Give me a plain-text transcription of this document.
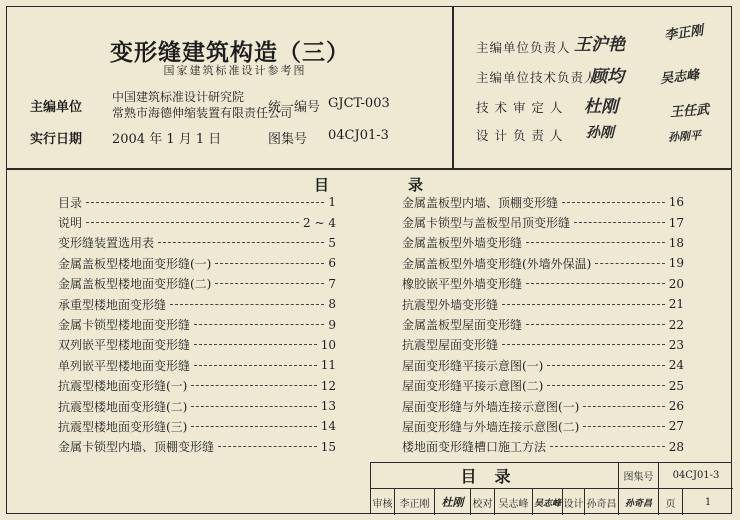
变形缝建筑构造（三）
国家建筑标准设计参考图
主编单位
中国建筑标准设计研究院
常熟市海德伸缩装置有限责任公司
统一编号 GJCT-003
实行日期 2004 年 1 月 1 日	图集号 04CJ01-3
主编单位负责人 王沪艳
主编单位技术负责人
顾均
技 术 审 定 人 杜刚
设 计 负 责 人 孙刚
李正刚
吴志峰
王任武
孙刚平
目	录
目录	1
说明	2 ~ 4
变形缝装置选用表	5
金属盖板型楼地面变形缝(一)	6
金属盖板型楼地面变形缝(二)	7
承重型楼地面变形缝	8
金属卡锁型楼地面变形缝	9
双列嵌平型楼地面变形缝	10
单列嵌平型楼地面变形缝	11
抗震型楼地面变形缝(一)	12
抗震型楼地面变形缝(二)	13
抗震型楼地面变形缝(三)	14
金属卡锁型内墙、顶棚变形缝	15
金属盖板型内墙、顶棚变形缝	16
金属卡锁型与盖板型吊顶变形缝	17
金属盖板型外墙变形缝	18
金属盖板型外墙变形缝(外墙外保温)	19
橡胶嵌平型外墙变形缝	20
抗震型外墙变形缝	21
金属盖板型屋面变形缝	22
抗震型屋面变形缝	23
屋面变形缝平接示意图(一)	24
屋面变形缝平接示意图(二)	25
屋面变形缝与外墙连接示意图(一)	26
屋面变形缝与外墙连接示意图(二)	27
楼地面变形缝槽口施工方法	28
目录	图集号	04CJ01-3
审核 李正刚	杜刚 校对 吴志峰 吴志峰 设计 孙奇昌 孙奇昌	页	1
